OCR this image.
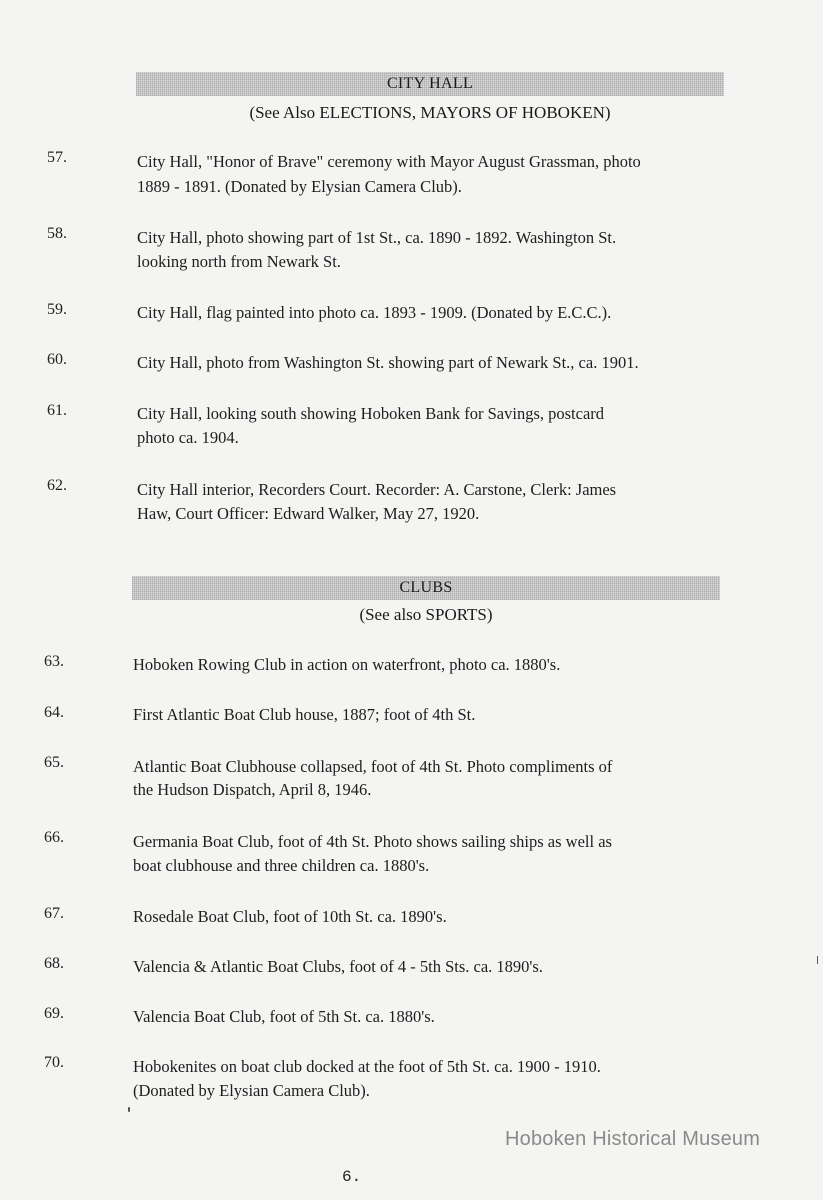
CITY HALL
(See Also ELECTIONS, MAYORS OF HOBOKEN)
57.	City Hall, "Honor of Brave" ceremony with Mayor August Grassman, photo
1889 - 1891. (Donated by Elysian Camera Club).
58.	City Hall, photo showing part of 1st St., ca. 1890 - 1892. Washington St.
looking north from Newark St.
59.	City Hall, flag painted into photo ca. 1893 - 1909. (Donated by E.C.C.).
60.	City Hall, photo from Washington St. showing part of Newark St., ca. 1901.
61.	City Hall, looking south showing Hoboken Bank for Savings, postcard
photo ca. 1904.
62.	City Hall interior, Recorders Court. Recorder: A. Carstone, Clerk: James
Haw, Court Officer: Edward Walker, May 27, 1920.
CLUBS
(See also SPORTS)
63.	Hoboken Rowing Club in action on waterfront, photo ca. 1880's.
64.	First Atlantic Boat Club house, 1887; foot of 4th St.
65.	Atlantic Boat Clubhouse collapsed, foot of 4th St. Photo compliments of
the Hudson Dispatch, April 8, 1946.
66.	Germania Boat Club, foot of 4th St. Photo shows sailing ships as well as
boat clubhouse and three children ca. 1880's.
67.	Rosedale Boat Club, foot of 10th St. ca. 1890's.
68.	Valencia & Atlantic Boat Clubs, foot of 4 - 5th Sts. ca. 1890's.
69.	Valencia Boat Club, foot of 5th St. ca. 1880's.
70.	Hobokenites on boat club docked at the foot of 5th St. ca. 1900 - 1910.
(Donated by Elysian Camera Club).
Hoboken Historical Museum
6.
